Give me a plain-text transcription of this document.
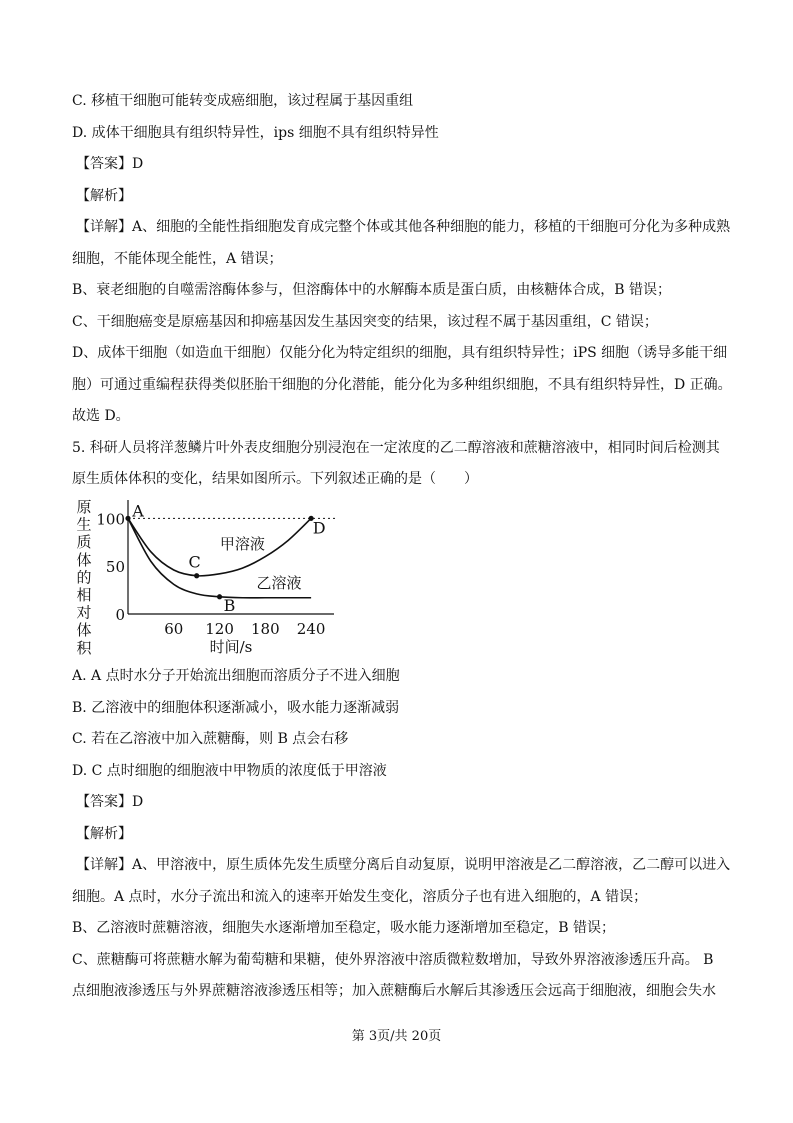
C. 移植干细胞可能转变成癌细胞，该过程属于基因重组
D. 成体干细胞具有组织特异性，ips 细胞不具有组织特异性
【答案】D
【解析】
【详解】A、细胞的全能性指细胞发育成完整个体或其他各种细胞的能力，移植的干细胞可分化为多种成熟
细胞，不能体现全能性，A 错误；
B、衰老细胞的自噬需溶酶体参与，但溶酶体中的水解酶本质是蛋白质，由核糖体合成，B 错误；
C、干细胞癌变是原癌基因和抑癌基因发生基因突变的结果，该过程不属于基因重组，C 错误；
D、成体干细胞（如造血干细胞）仅能分化为特定组织的细胞，具有组织特异性；iPS 细胞（诱导多能干细
胞）可通过重编程获得类似胚胎干细胞的分化潜能，能分化为多种组织细胞，不具有组织特异性，D 正确。
故选 D。
5. 科研人员将洋葱鳞片叶外表皮细胞分别浸泡在一定浓度的乙二醇溶液和蔗糖溶液中，相同时间后检测其
原生质体体积的变化，结果如图所示。下列叙述正确的是（　　）
原生质体的相对体积
100
50
0
60 120 180 240
时间/s
甲溶液
乙溶液
A
C
B
D
A. A 点时水分子开始流出细胞而溶质分子不进入细胞
B. 乙溶液中的细胞体积逐渐减小，吸水能力逐渐减弱
C. 若在乙溶液中加入蔗糖酶，则 B 点会右移
D. C 点时细胞的细胞液中甲物质的浓度低于甲溶液
【答案】D
【解析】
【详解】A、甲溶液中，原生质体先发生质壁分离后自动复原，说明甲溶液是乙二醇溶液，乙二醇可以进入
细胞。A 点时，水分子流出和流入的速率开始发生变化，溶质分子也有进入细胞的，A 错误；
B、乙溶液时蔗糖溶液，细胞失水逐渐增加至稳定，吸水能力逐渐增加至稳定，B 错误；
C、蔗糖酶可将蔗糖水解为葡萄糖和果糖，使外界溶液中溶质微粒数增加，导致外界溶液渗透压升高。 B
点细胞液渗透压与外界蔗糖溶液渗透压相等；加入蔗糖酶后水解后其渗透压会远高于细胞液，细胞会失水
第 3页/共 20页
